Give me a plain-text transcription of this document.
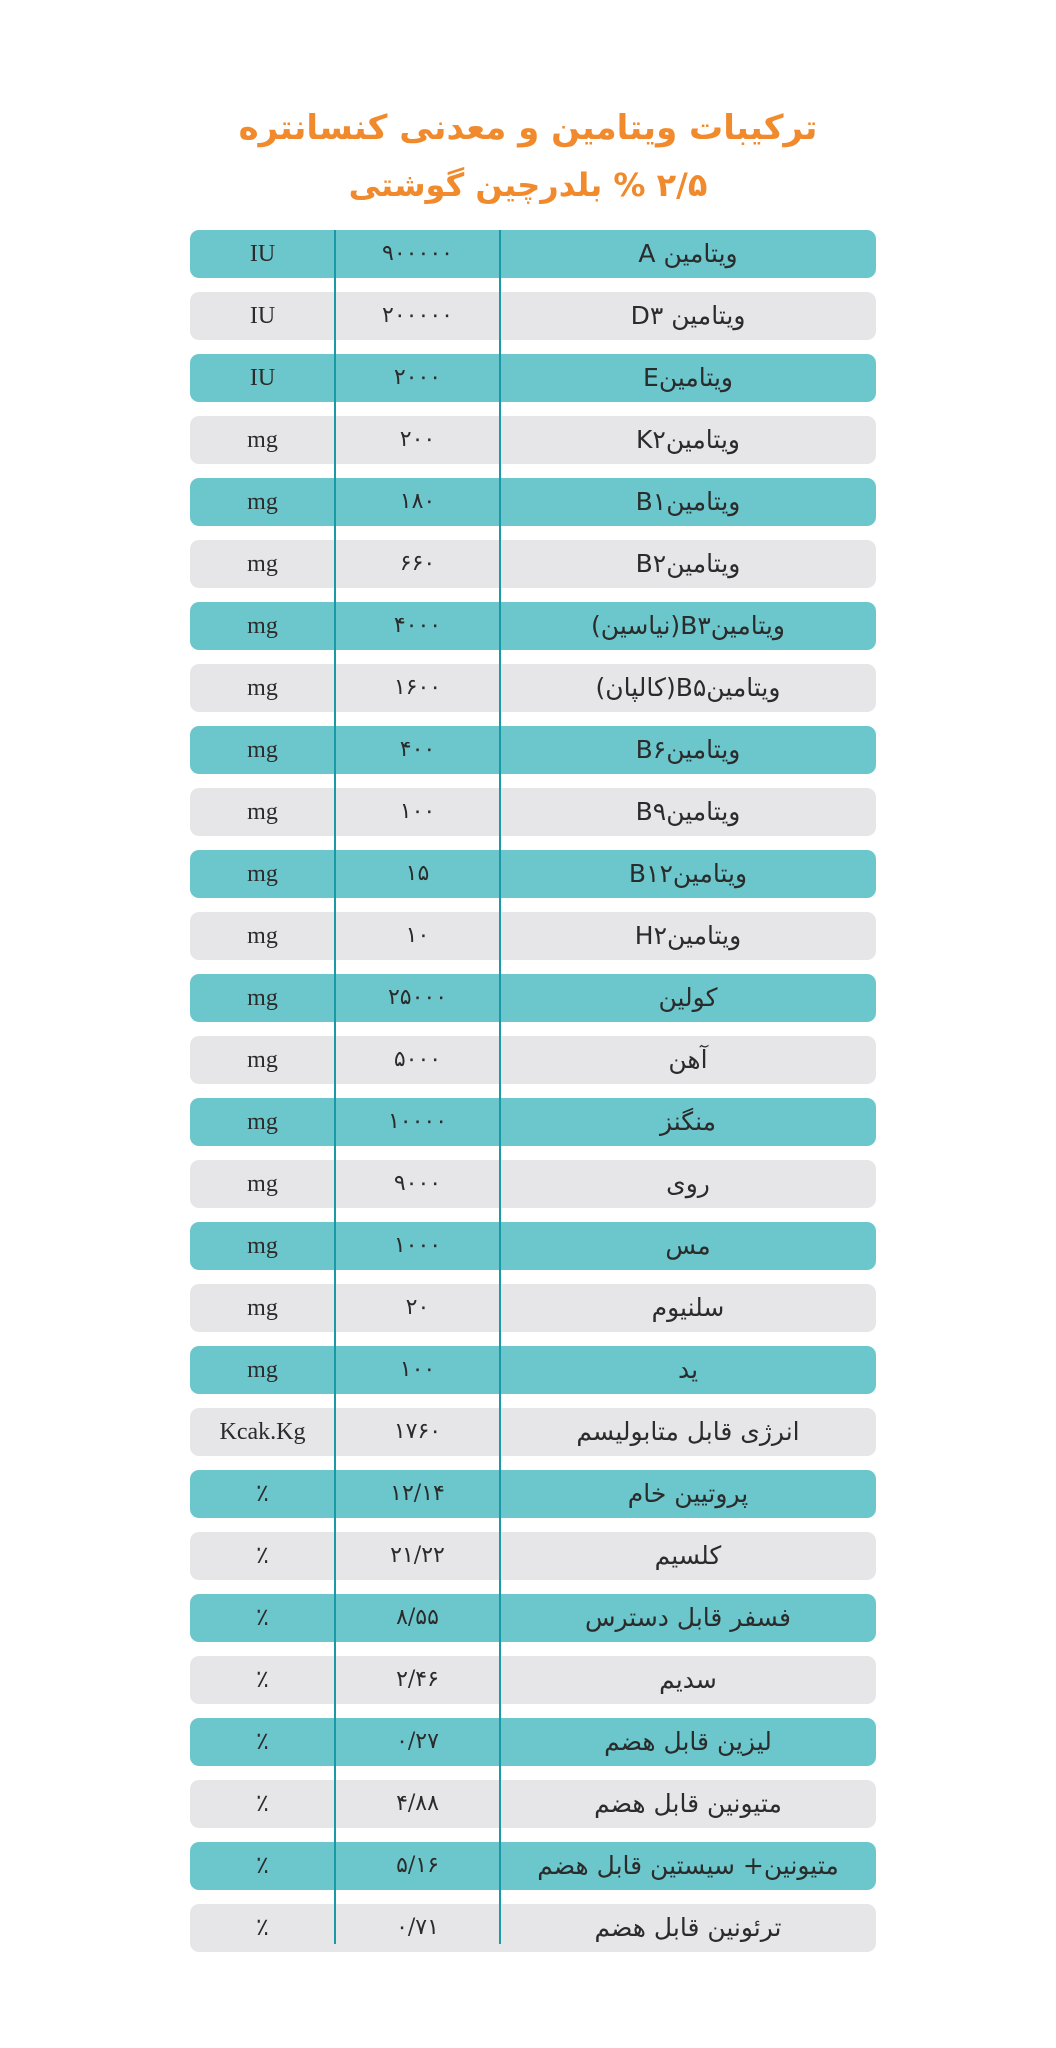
ترکیبات ویتامین و معدنی کنسانتره
۲/۵ % بلدرچین گوشتی
IU	۹۰۰۰۰۰	ویتامین A
IU	۲۰۰۰۰۰	ویتامین D۳
IU	۲۰۰۰	ویتامینE
mg	۲۰۰	ویتامینK۲
mg	۱۸۰	ویتامینB۱
mg	۶۶۰	ویتامینB۲
mg	۴۰۰۰	ویتامینB۳(نیاسین)
mg	۱۶۰۰	ویتامینB۵(کالپان)
mg	۴۰۰	ویتامینB۶
mg	۱۰۰	ویتامینB۹
mg	۱۵	ویتامینB۱۲
mg	۱۰	ویتامینH۲
mg	۲۵۰۰۰	کولین
mg	۵۰۰۰	آهن
mg	۱۰۰۰۰	منگنز
mg	۹۰۰۰	روی
mg	۱۰۰۰	مس
mg	۲۰	سلنیوم
mg	۱۰۰	ید
Kcak.Kg	۱۷۶۰	انرژی قابل متابولیسم
٪	۱۲/۱۴	پروتیین خام
٪	۲۱/۲۲	کلسیم
٪	۸/۵۵	فسفر قابل دسترس
٪	۲/۴۶	سدیم
٪	۰/۲۷	لیزین قابل هضم
٪	۴/۸۸	متیونین قابل هضم
٪	۵/۱۶	متیونین+ سیستین قابل هضم
٪	۰/۷۱	ترئونین قابل هضم
